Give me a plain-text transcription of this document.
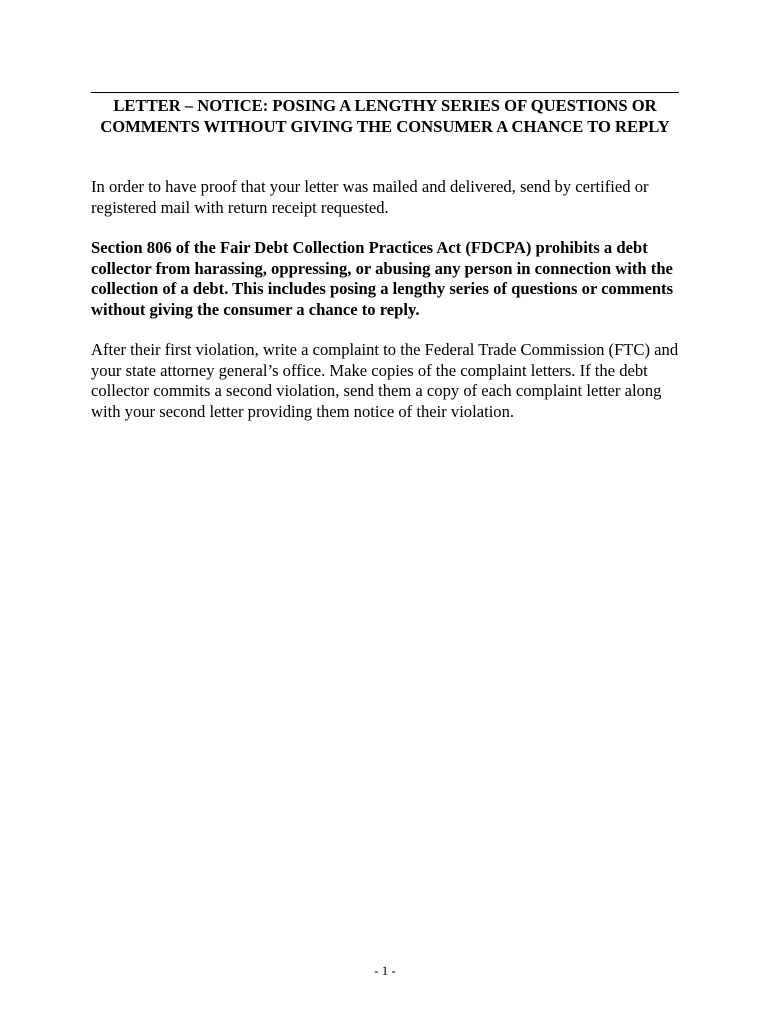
LETTER – NOTICE: POSING A LENGTHY SERIES OF QUESTIONS OR COMMENTS WITHOUT GIVING THE CONSUMER A CHANCE TO REPLY

In order to have proof that your letter was mailed and delivered, send by certified or registered mail with return receipt requested.

Section 806 of the Fair Debt Collection Practices Act (FDCPA) prohibits a debt collector from harassing, oppressing, or abusing any person in connection with the collection of a debt. This includes posing a lengthy series of questions or comments without giving the consumer a chance to reply.

After their first violation, write a complaint to the Federal Trade Commission (FTC) and your state attorney general’s office. Make copies of the complaint letters. If the debt collector commits a second violation, send them a copy of each complaint letter along with your second letter providing them notice of their violation.

- 1 -
